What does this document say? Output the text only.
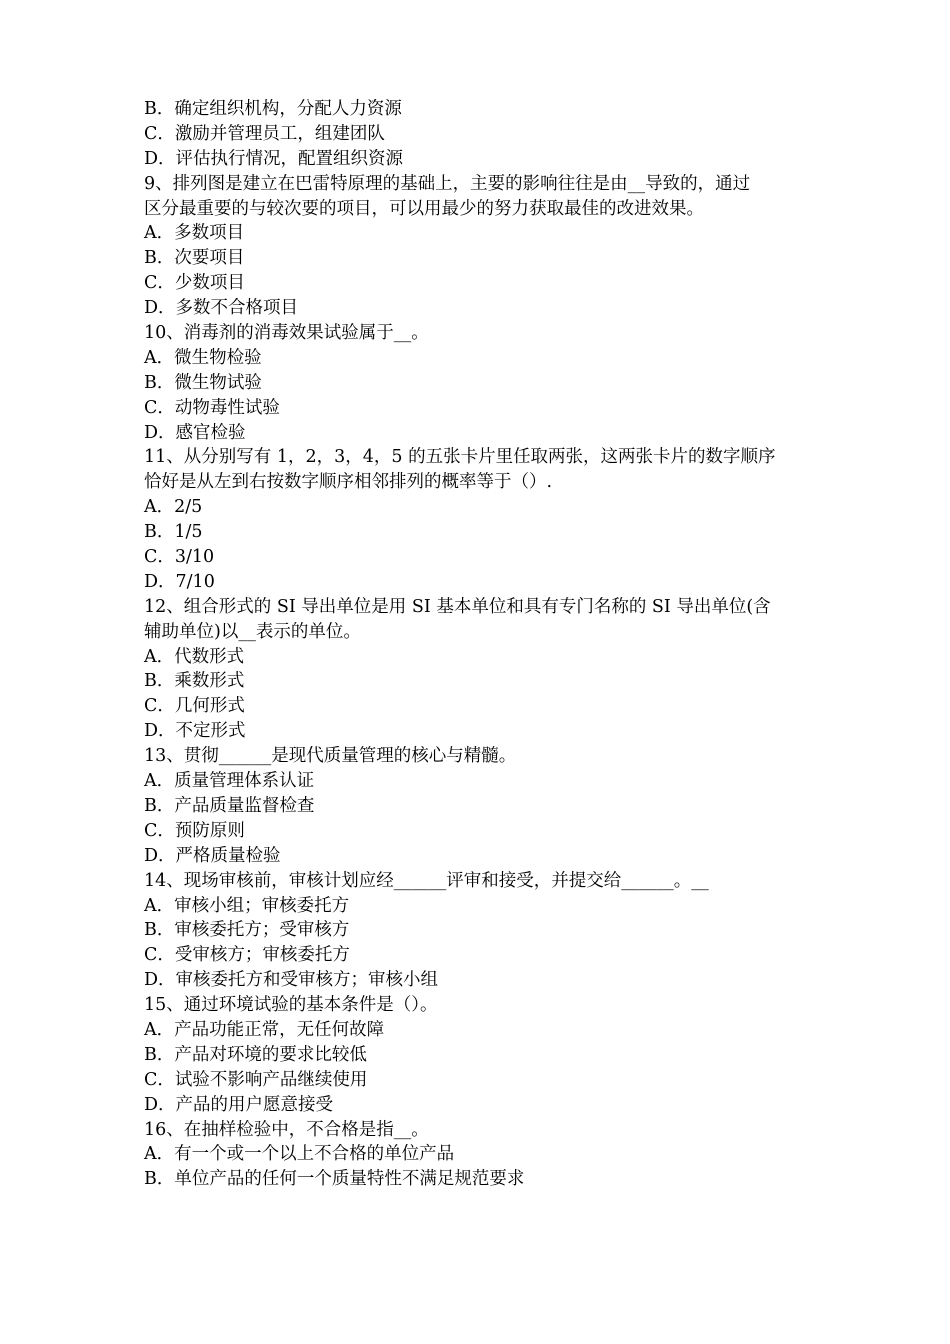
B．确定组织机构，分配人力资源
C．激励并管理员工，组建团队
D．评估执行情况，配置组织资源
9、排列图是建立在巴雷特原理的基础上，主要的影响往往是由__导致的，通过
区分最重要的与较次要的项目，可以用最少的努力获取最佳的改进效果。
A．多数项目
B．次要项目
C．少数项目
D．多数不合格项目
10、消毒剂的消毒效果试验属于__。
A．微生物检验
B．微生物试验
C．动物毒性试验
D．感官检验
11、从分别写有 1，2，3，4，5 的五张卡片里任取两张，这两张卡片的数字顺序
恰好是从左到右按数字顺序相邻排列的概率等于（）.
A．2/5
B．1/5
C．3/10
D．7/10
12、组合形式的 SI 导出单位是用 SI 基本单位和具有专门名称的 SI 导出单位(含
辅助单位)以__表示的单位。
A．代数形式
B．乘数形式
C．几何形式
D．不定形式
13、贯彻______是现代质量管理的核心与精髓。
A．质量管理体系认证
B．产品质量监督检查
C．预防原则
D．严格质量检验
14、现场审核前，审核计划应经______评审和接受，并提交给______。__
A．审核小组；审核委托方
B．审核委托方；受审核方
C．受审核方；审核委托方
D．审核委托方和受审核方；审核小组
15、通过环境试验的基本条件是（）。
A．产品功能正常，无任何故障
B．产品对环境的要求比较低
C．试验不影响产品继续使用
D．产品的用户愿意接受
16、在抽样检验中，不合格是指__。
A．有一个或一个以上不合格的单位产品
B．单位产品的任何一个质量特性不满足规范要求
